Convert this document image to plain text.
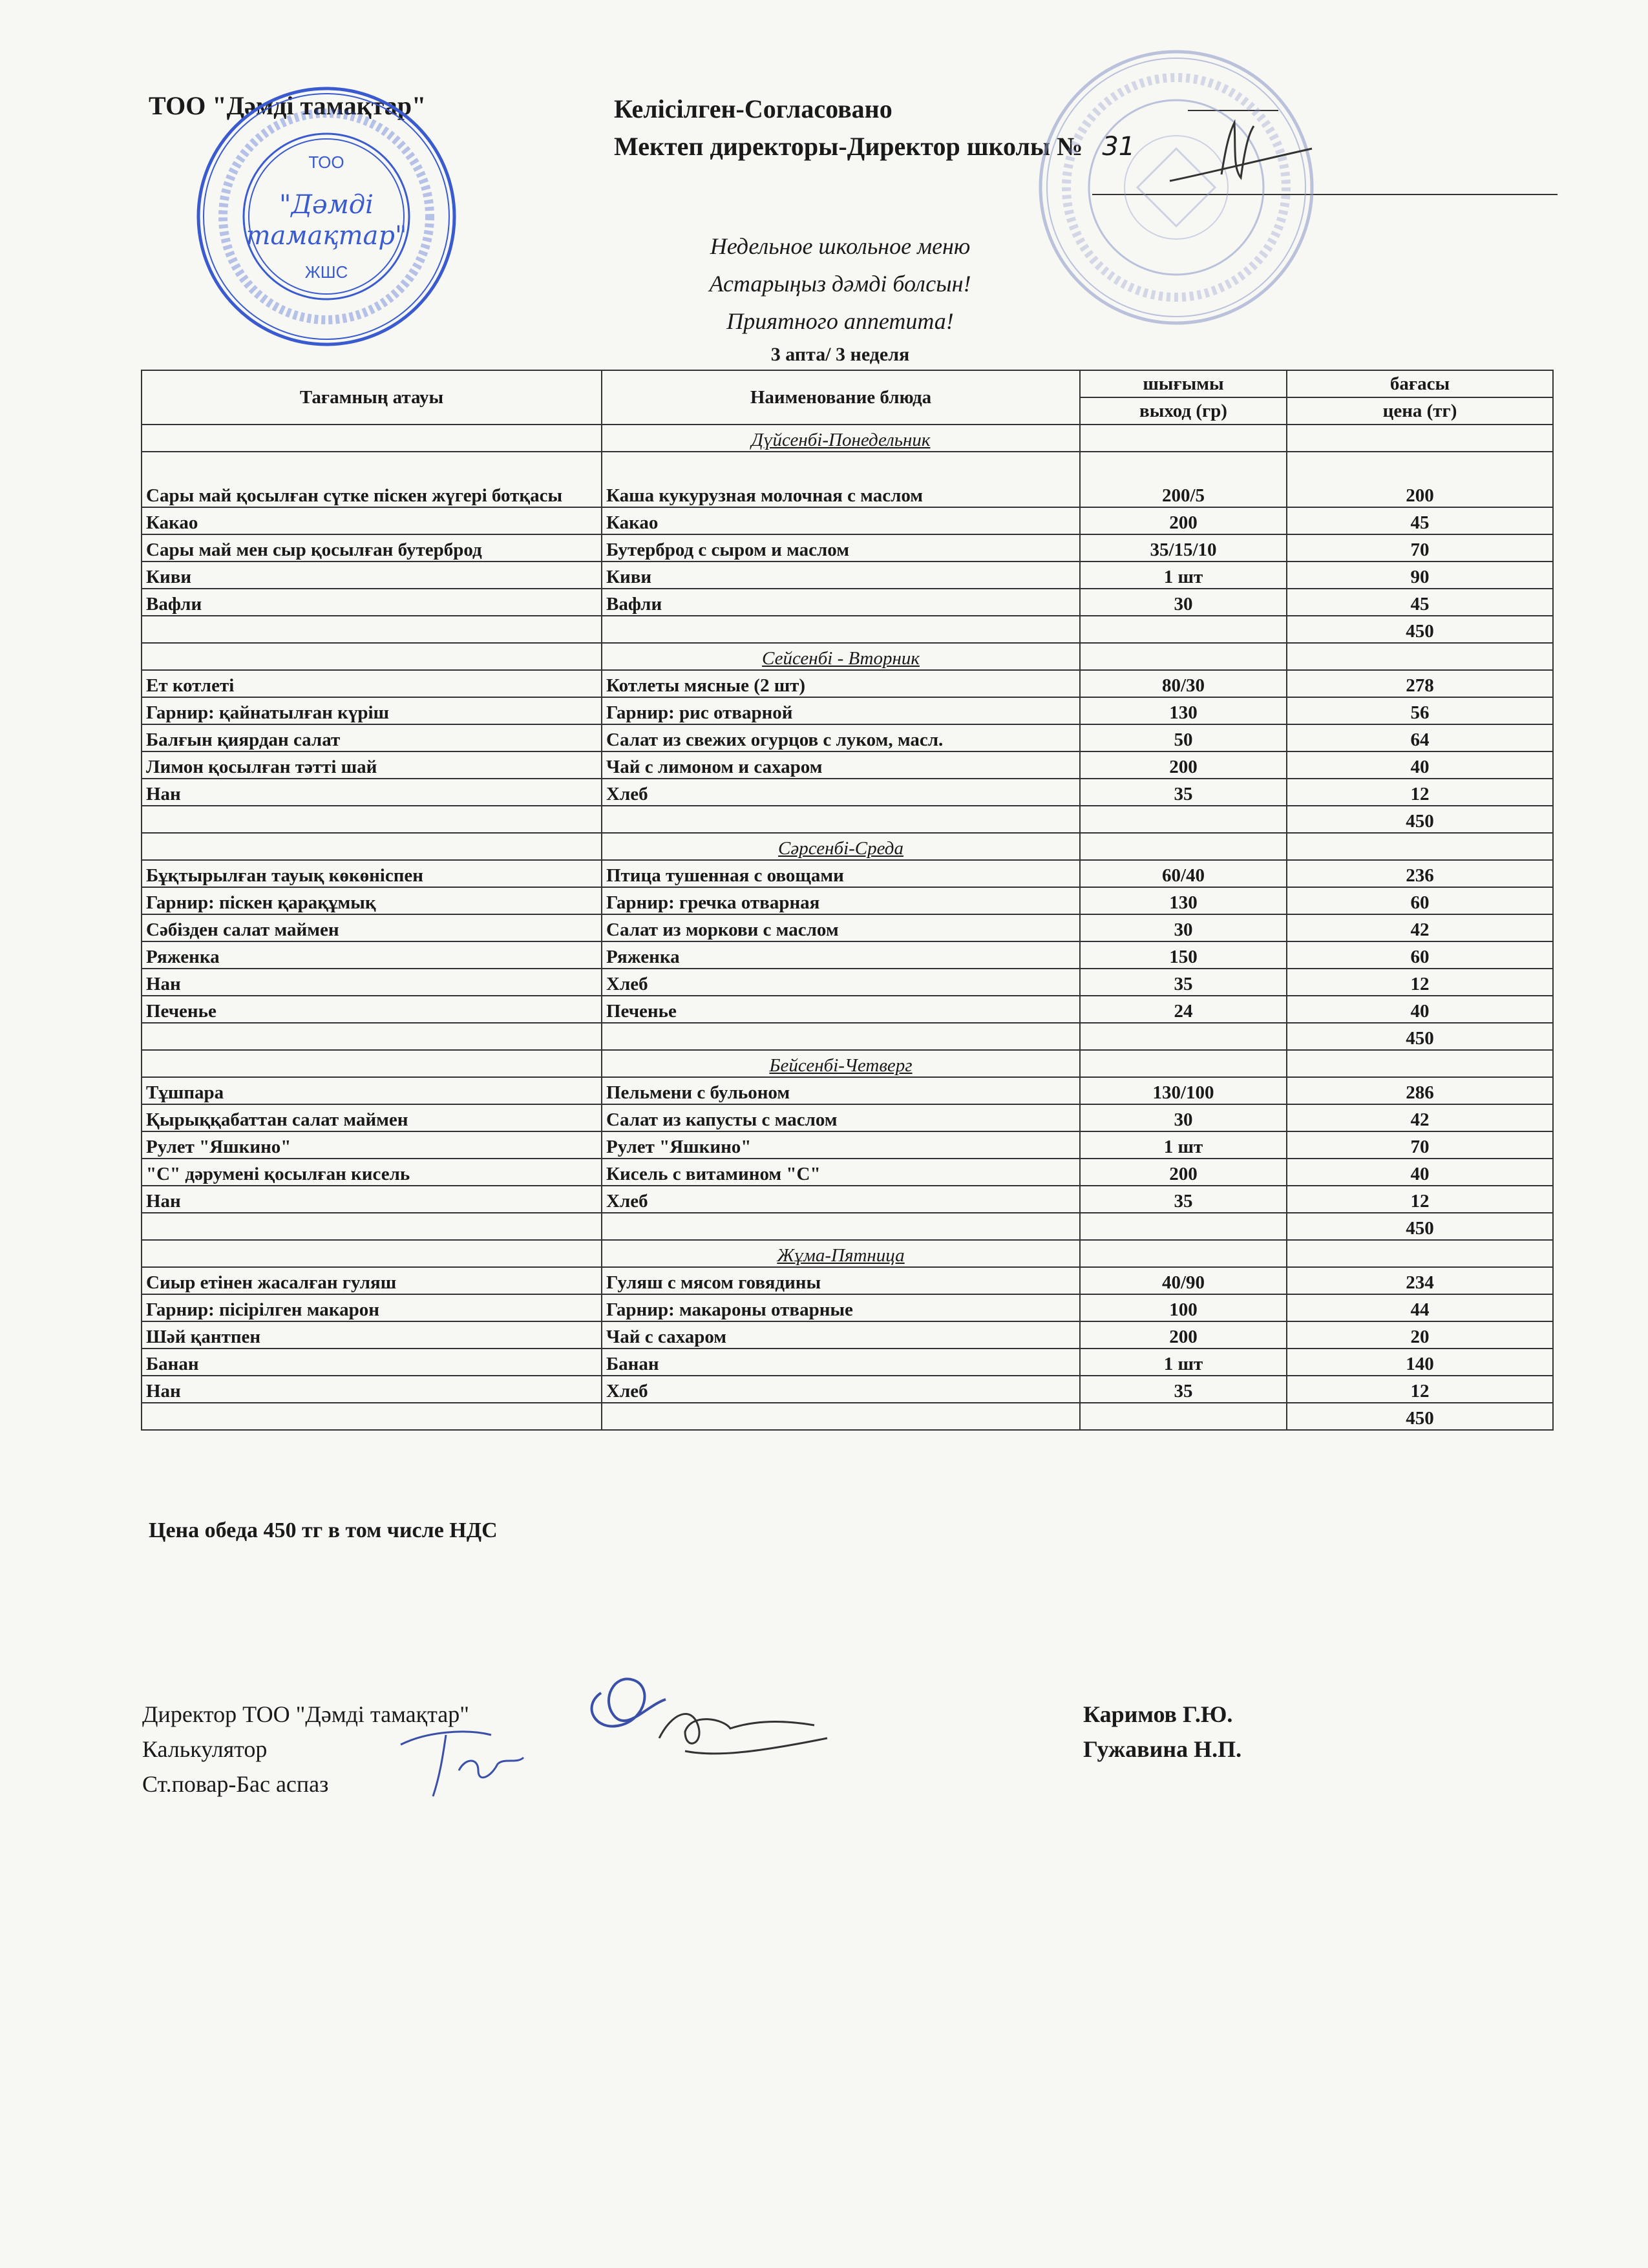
ТОО "Дәмді тамақтар"	Келісілген-Согласовано
Мектеп директоры-Директор школы № 31
ТОО
"Дәмді
тамақтар"
ЖШС
Недельное школьное меню
Астарыңыз дәмді болсын!
Приятного аппетита!
3 апта/ 3 неделя
Тағамның атауы	Наименование блюда	шығымы	бағасы
		выход (гр)	цена (тг)
	Дүйсенбі-Понедельник		
Сары май қосылған сүтке піскен жүгері ботқасы	Каша кукурузная молочная с маслом	200/5	200
Какао	Какао	200	45
Сары май мен сыр қосылған бутерброд	Бутерброд с сыром и маслом	35/15/10	70
Киви	Киви	1 шт	90
Вафли	Вафли	30	45
			450
	Сейсенбі - Вторник		
Ет котлеті	Котлеты мясные (2 шт)	80/30	278
Гарнир: қайнатылған күріш	Гарнир: рис отварной	130	56
Балғын қиярдан салат	Салат из свежих огурцов с луком, масл.	50	64
Лимон қосылған тәтті шай	Чай с лимоном и сахаром	200	40
Нан	Хлеб	35	12
			450
	Сәрсенбі-Среда		
Бұқтырылған тауық көкөніспен	Птица тушенная с овощами	60/40	236
Гарнир: піскен қарақұмық	Гарнир: гречка отварная	130	60
Сәбізден салат маймен	Салат из моркови с маслом	30	42
Ряженка	Ряженка	150	60
Нан	Хлеб	35	12
Печенье	Печенье	24	40
			450
	Бейсенбі-Четверг		
Тұшпара	Пельмени с бульоном	130/100	286
Қырыққабаттан салат маймен	Салат из капусты с маслом	30	42
Рулет "Яшкино"	Рулет "Яшкино"	1 шт	70
"С" дәрумені қосылған кисель	Кисель с витамином "С"	200	40
Нан	Хлеб	35	12
			450
	Жұма-Пятница		
Сиыр етінен жасалған гуляш	Гуляш с мясом говядины	40/90	234
Гарнир: пісірілген макарон	Гарнир: макароны отварные	100	44
Шәй қантпен	Чай с сахаром	200	20
Банан	Банан	1 шт	140
Нан	Хлеб	35	12
			450
Цена обеда 450 тг в том числе НДС
Директор ТОО "Дәмді тамақтар"
Калькулятор
Ст.повар-Бас аспаз
Каримов Г.Ю.
Гужавина Н.П.
